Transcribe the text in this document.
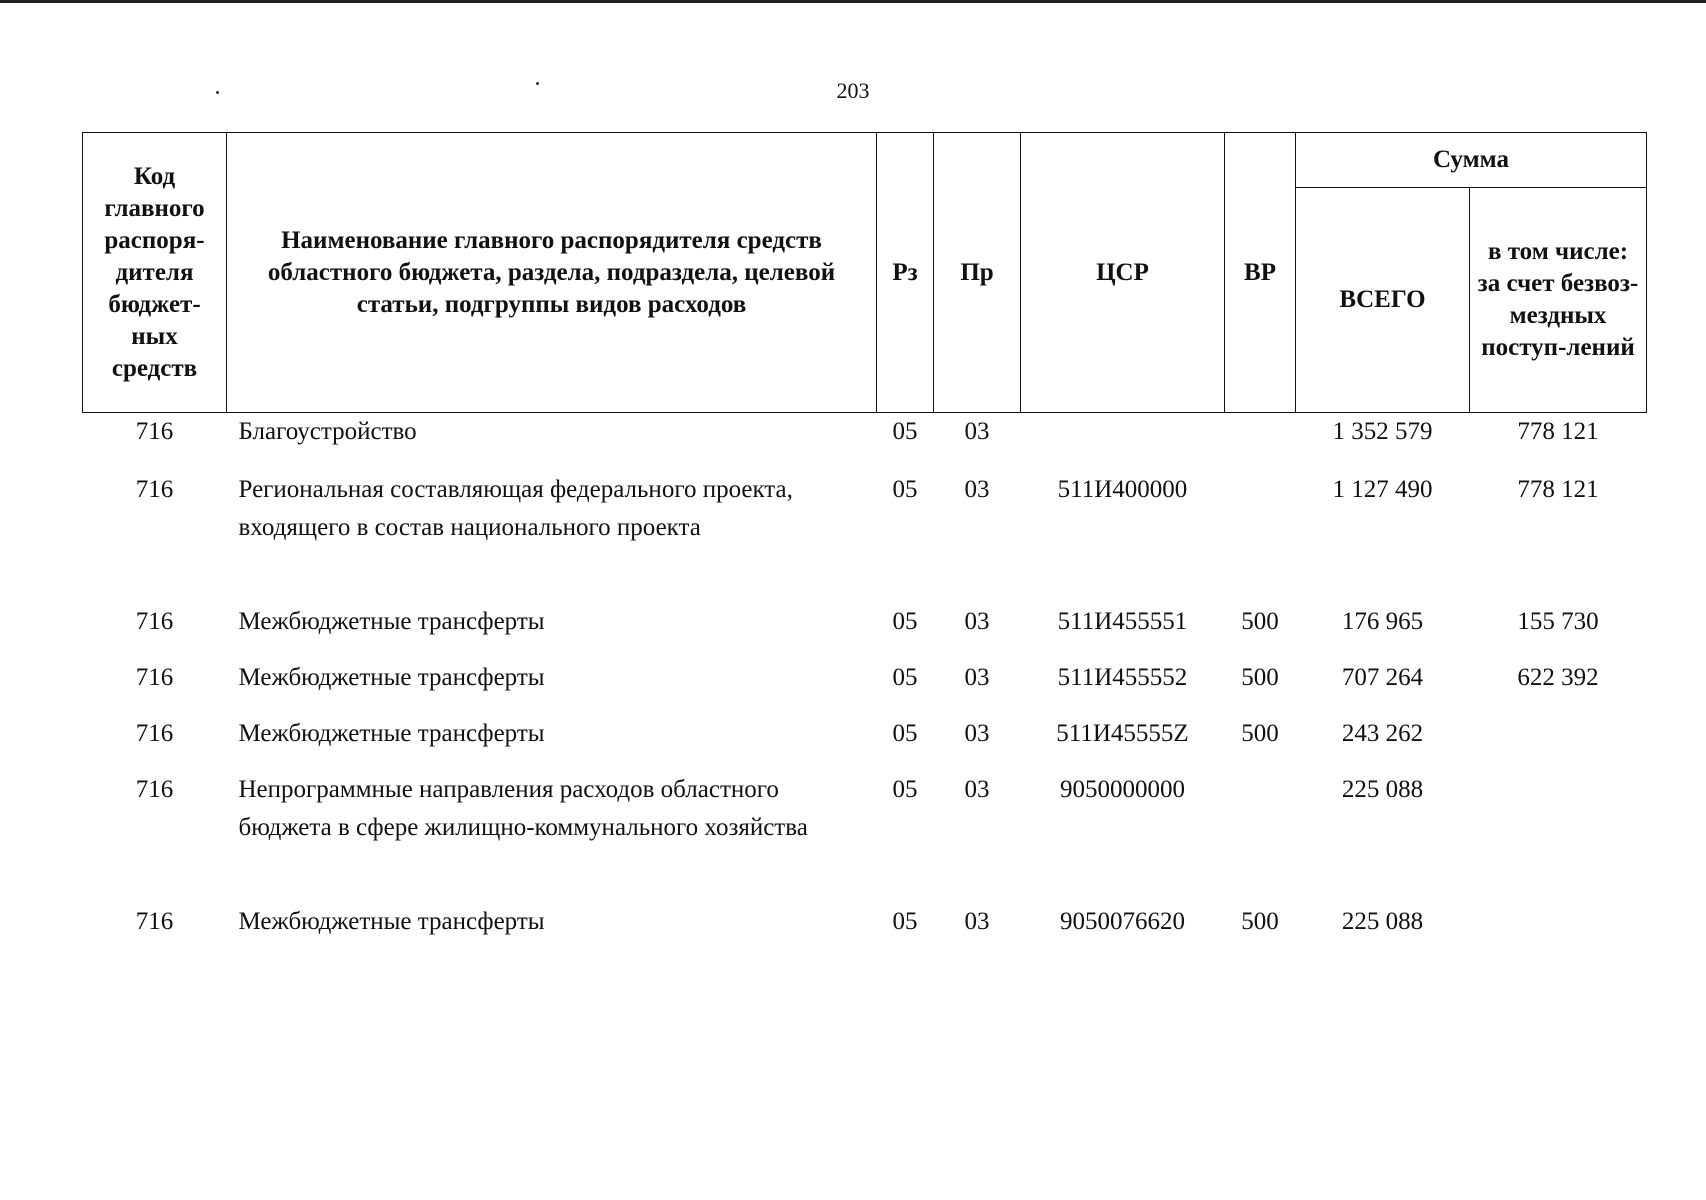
203
Код главного распоря-дителя бюджет-ных средств	Наименование главного распорядителя средств областного бюджета, раздела, подраздела, целевой статьи, подгруппы видов расходов	Рз	Пр	ЦСР	ВР	Сумма	
						ВСЕГО	в том числе: за счет безвоз-мездных поступ-лений
716	Благоустройство	05	03			1 352 579	778 121
716	Региональная составляющая федерального проекта, входящего в состав национального проекта	05	03	511И400000		1 127 490	778 121
716	Межбюджетные трансферты	05	03	511И455551	500	176 965	155 730
716	Межбюджетные трансферты	05	03	511И455552	500	707 264	622 392
716	Межбюджетные трансферты	05	03	511И45555Z	500	243 262	
716	Непрограммные направления расходов областного бюджета в сфере жилищно-коммунального хозяйства	05	03	9050000000		225 088	
716	Межбюджетные трансферты	05	03	9050076620	500	225 088	
